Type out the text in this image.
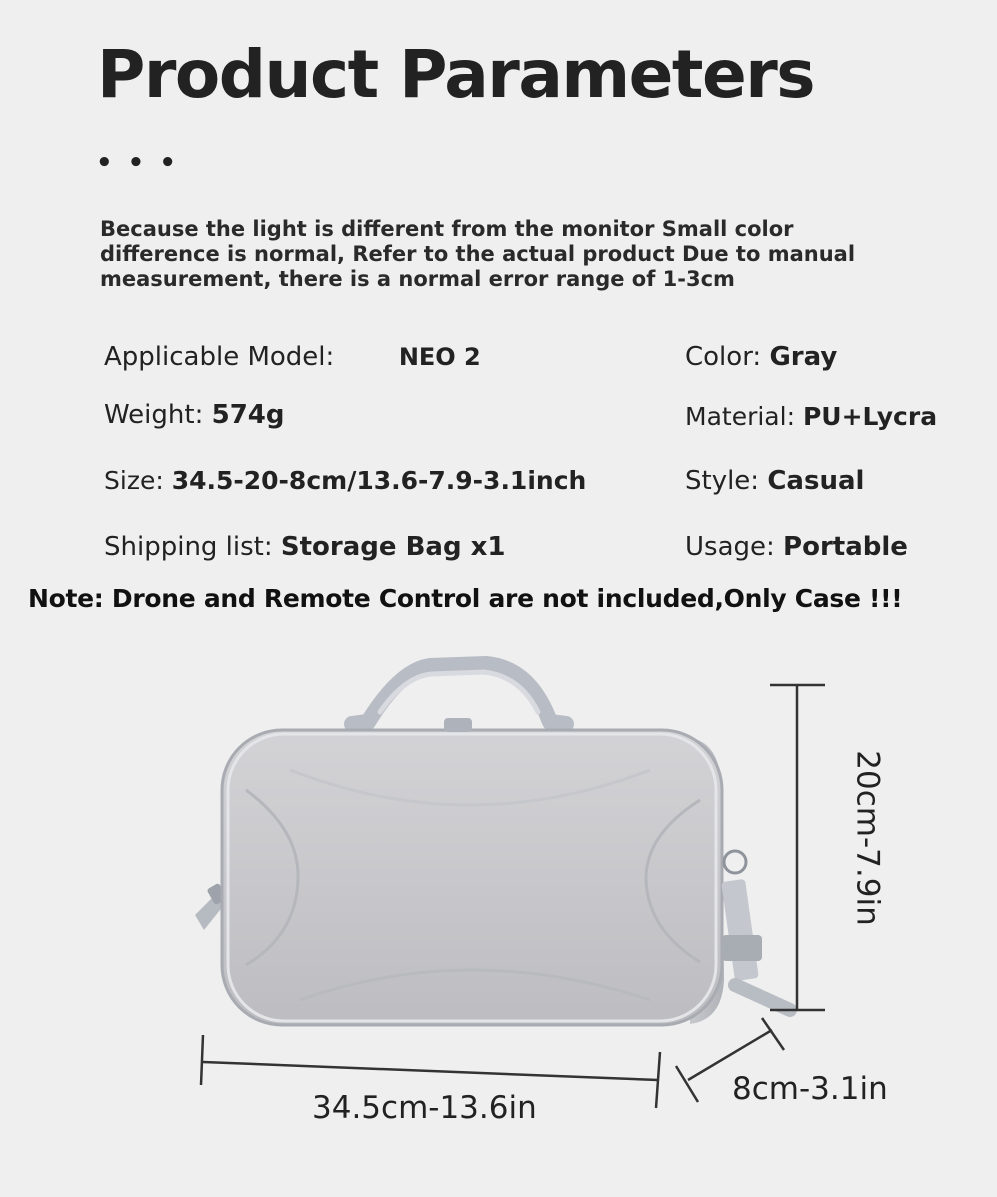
Product Parameters
• • •
Because the light is different from the monitor Small color difference is normal, Refer to the actual product Due to manual measurement, there is a normal error range of 1-3cm
Applicable Model:	NEO 2
Weight: 574g
Size: 34.5-20-8cm/13.6-7.9-3.1inch
Shipping list: Storage Bag x1
Color: Gray
Material: PU+Lycra
Style: Casual
Usage: Portable
Note: Drone and Remote Control are not included,Only Case !!!
34.5cm-13.6in
8cm-3.1in
20cm-7.9in
